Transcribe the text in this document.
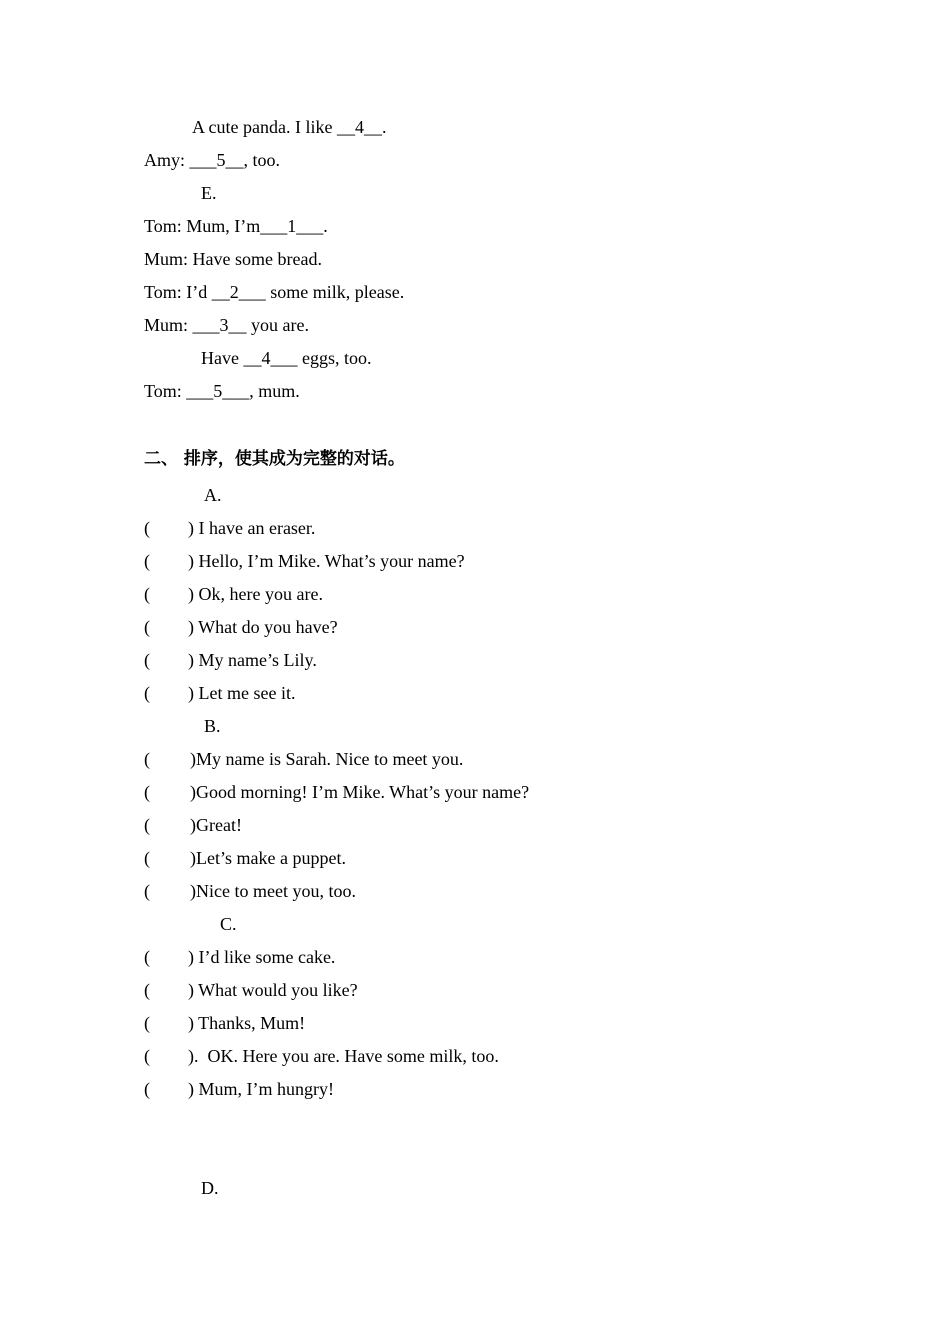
A cute panda. I like __4__.
Amy: ___5__, too.
E.
Tom: Mum, I’m___1___.
Mum: Have some bread.
Tom: I’d __2___ some milk, please.
Mum: ___3__ you are.
Have __4___ eggs, too.
Tom: ___5___, mum.
二、 排序，使其成为完整的对话。
A.
( ) I have an eraser.
( ) Hello, I’m Mike. What’s your name?
( ) Ok, here you are.
( ) What do you have?
( ) My name’s Lily.
( ) Let me see it.
B.
( )My name is Sarah. Nice to meet you.
( )Good morning! I’m Mike. What’s your name?
( )Great!
( )Let’s make a puppet.
( )Nice to meet you, too.
C.
( ) I’d like some cake.
( ) What would you like?
( ) Thanks, Mum!
( ).  OK. Here you are. Have some milk, too.
( ) Mum, I’m hungry!
D.
